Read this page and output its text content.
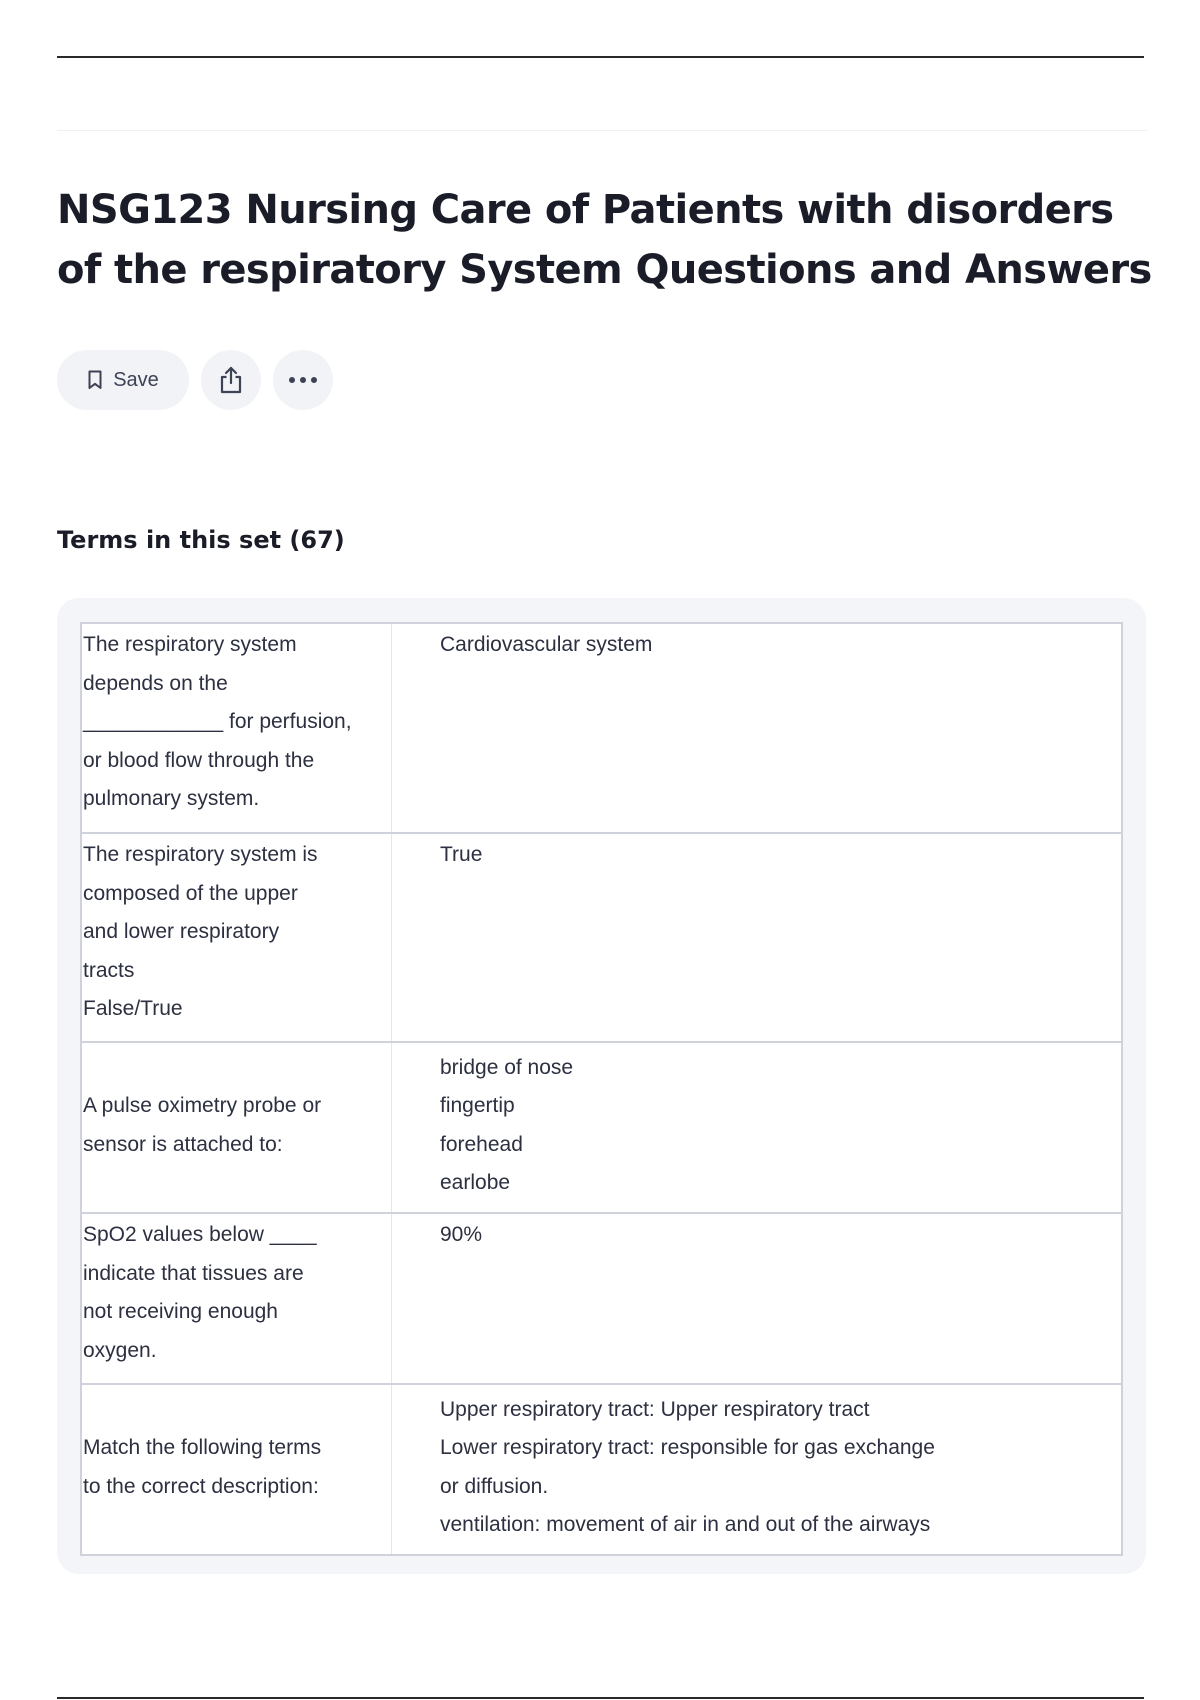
NSG123 Nursing Care of Patients with disorders of the respiratory System Questions and Answers
Save
Terms in this set (67)
The respiratory system
depends on the
____________ for perfusion,
or blood flow through the
pulmonary system.
Cardiovascular system
The respiratory system is
composed of the upper
and lower respiratory
tracts
False/True
True
A pulse oximetry probe or
sensor is attached to:
bridge of nose
fingertip
forehead
earlobe
SpO2 values below ____
indicate that tissues are
not receiving enough
oxygen.
90%
Match the following terms
to the correct description:
Upper respiratory tract: Upper respiratory tract
Lower respiratory tract: responsible for gas exchange
or diffusion.
ventilation: movement of air in and out of the airways
